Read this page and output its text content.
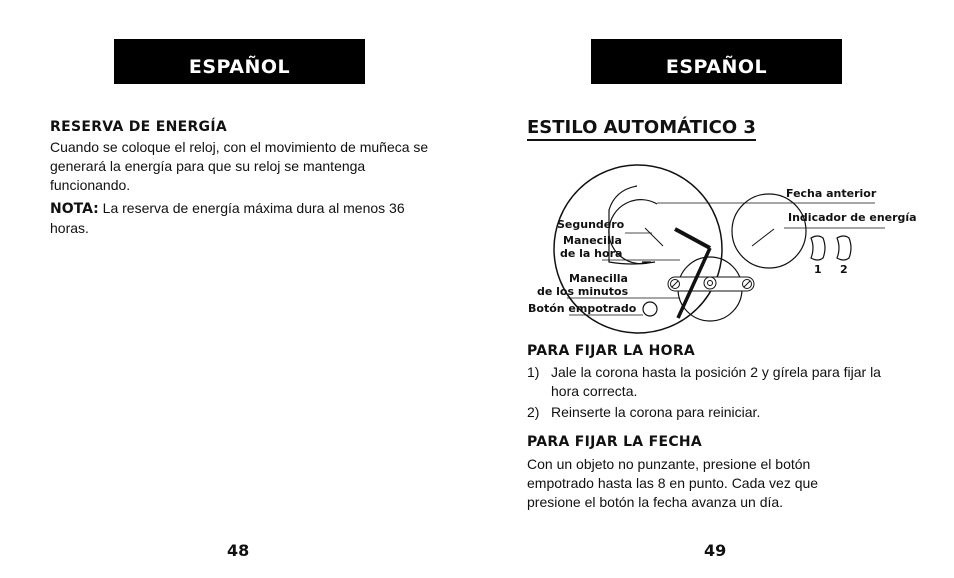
ESPAÑOL
RESERVA DE ENERGÍA
Cuando se coloque el reloj, con el movimiento de muñeca se generará la energía para que su reloj se mantenga funcionando.
NOTA: La reserva de energía máxima dura al menos 36 horas.
48
ESPAÑOL
ESTILO AUTOMÁTICO 3
1 2
Fecha anterior
Indicador de energía
Segundero
Manecilla
de la hora
Manecilla
de los minutos
Botón empotrado
PARA FIJAR LA HORA
1) Jale la corona hasta la posición 2 y gírela para fijar la hora correcta.
2) Reinserte la corona para reiniciar.
PARA FIJAR LA FECHA
Con un objeto no punzante, presione el botón empotrado hasta las 8 en punto. Cada vez que presione el botón la fecha avanza un día.
49
